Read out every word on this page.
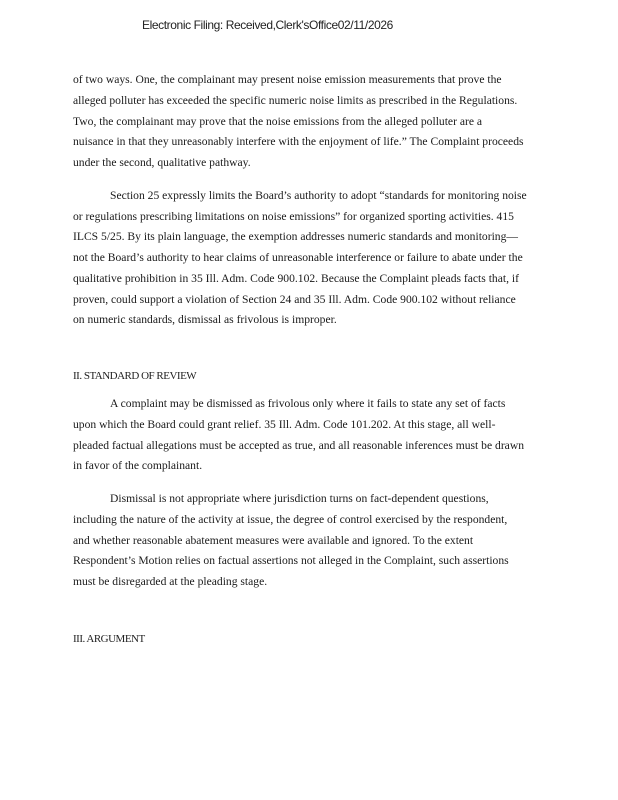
Electronic Filing: Received,Clerk'sOffice02/11/2026

of two ways. One, the complainant may present noise emission measurements that prove the
alleged polluter has exceeded the specific numeric noise limits as prescribed in the Regulations.
Two, the complainant may prove that the noise emissions from the alleged polluter are a
nuisance in that they unreasonably interfere with the enjoyment of life.” The Complaint proceeds
under the second, qualitative pathway.

Section 25 expressly limits the Board’s authority to adopt “standards for monitoring noise
or regulations prescribing limitations on noise emissions” for organized sporting activities. 415
ILCS 5/25. By its plain language, the exemption addresses numeric standards and monitoring—
not the Board’s authority to hear claims of unreasonable interference or failure to abate under the
qualitative prohibition in 35 Ill. Adm. Code 900.102. Because the Complaint pleads facts that, if
proven, could support a violation of Section 24 and 35 Ill. Adm. Code 900.102 without reliance
on numeric standards, dismissal as frivolous is improper.

II. STANDARD OF REVIEW

A complaint may be dismissed as frivolous only where it fails to state any set of facts
upon which the Board could grant relief. 35 Ill. Adm. Code 101.202. At this stage, all well-
pleaded factual allegations must be accepted as true, and all reasonable inferences must be drawn
in favor of the complainant.

Dismissal is not appropriate where jurisdiction turns on fact-dependent questions,
including the nature of the activity at issue, the degree of control exercised by the respondent,
and whether reasonable abatement measures were available and ignored. To the extent
Respondent’s Motion relies on factual assertions not alleged in the Complaint, such assertions
must be disregarded at the pleading stage.

III. ARGUMENT
